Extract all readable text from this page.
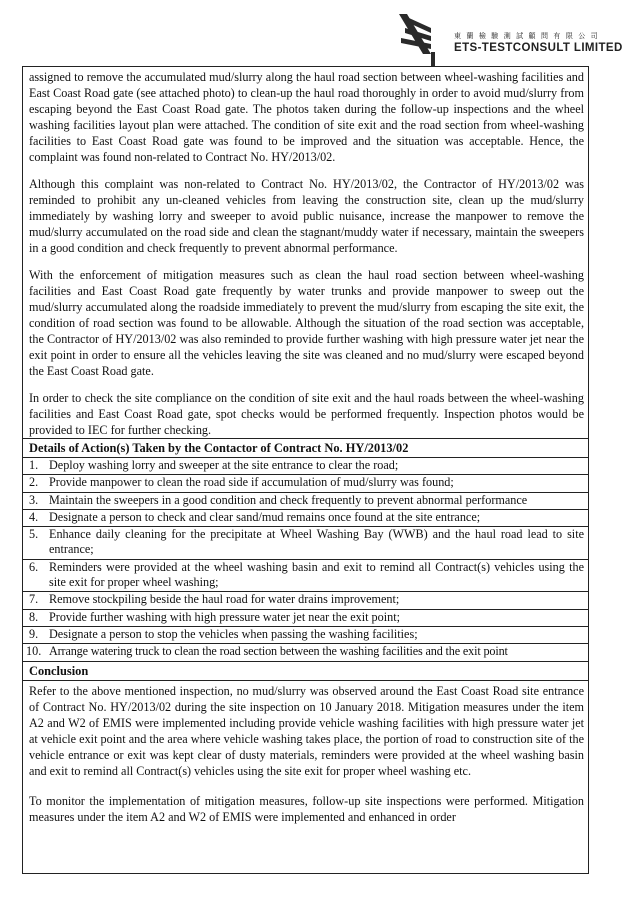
東 蘭 檢 驗 測 試 顧 問 有 限 公 司
ETS-TESTCONSULT LIMITED

assigned to remove the accumulated mud/slurry along the haul road section between wheel-washing facilities and East Coast Road gate (see attached photo) to clean-up the haul road thoroughly in order to avoid mud/slurry from escaping beyond the East Coast Road gate. The photos taken during the follow-up inspections and the wheel washing facilities layout plan were attached. The condition of site exit and the road section from wheel-washing facilities to East Coast Road gate was found to be improved and the situation was acceptable. Hence, the complaint was found non-related to Contract No. HY/2013/02.

Although this complaint was non-related to Contract No. HY/2013/02, the Contractor of HY/2013/02 was reminded to prohibit any un-cleaned vehicles from leaving the construction site, clean up the mud/slurry immediately by washing lorry and sweeper to avoid public nuisance, increase the manpower to remove the mud/slurry accumulated on the road side and clean the stagnant/muddy water if necessary, maintain the sweepers in a good condition and check frequently to prevent abnormal performance.

With the enforcement of mitigation measures such as clean the haul road section between wheel-washing facilities and East Coast Road gate frequently by water trunks and provide manpower to sweep out the mud/slurry accumulated along the roadside immediately to prevent the mud/slurry from escaping the site exit, the condition of road section was found to be allowable. Although the situation of the road section was acceptable, the Contractor of HY/2013/02 was also reminded to provide further washing with high pressure water jet near the exit point in order to ensure all the vehicles leaving the site was cleaned and no mud/slurry were escaped beyond the East Coast Road gate.

In order to check the site compliance on the condition of site exit and the haul roads between the wheel-washing facilities and East Coast Road gate, spot checks would be performed frequently. Inspection photos would be provided to IEC for further checking.

Details of Action(s) Taken by the Contactor of Contract No. HY/2013/02
1. Deploy washing lorry and sweeper at the site entrance to clear the road;
2. Provide manpower to clean the road side if accumulation of mud/slurry was found;
3. Maintain the sweepers in a good condition and check frequently to prevent abnormal performance
4. Designate a person to check and clear sand/mud remains once found at the site entrance;
5. Enhance daily cleaning for the precipitate at Wheel Washing Bay (WWB) and the haul road lead to site entrance;
6. Reminders were provided at the wheel washing basin and exit to remind all Contract(s) vehicles using the site exit for proper wheel washing;
7. Remove stockpiling beside the haul road for water drains improvement;
8. Provide further washing with high pressure water jet near the exit point;
9. Designate a person to stop the vehicles when passing the washing facilities;
10. Arrange watering truck to clean the road section between the washing facilities and the exit point
Conclusion

Refer to the above mentioned inspection, no mud/slurry was observed around the East Coast Road site entrance of Contract No. HY/2013/02 during the site inspection on 10 January 2018. Mitigation measures under the item A2 and W2 of EMIS were implemented including provide vehicle washing facilities with high pressure water jet at vehicle exit point and the area where vehicle washing takes place, the portion of road to construction site of the vehicle entrance or exit was kept clear of dusty materials, reminders were provided at the wheel washing basin and exit to remind all Contract(s) vehicles using the site exit for proper wheel washing etc.

To monitor the implementation of mitigation measures, follow-up site inspections were performed. Mitigation measures under the item A2 and W2 of EMIS were implemented and enhanced in order
